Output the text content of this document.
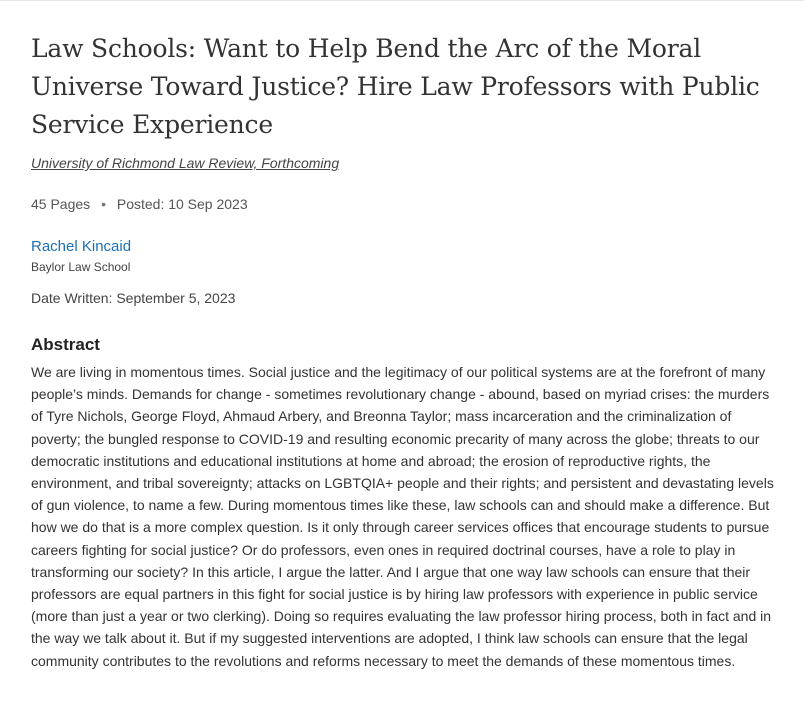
Law Schools: Want to Help Bend the Arc of the Moral Universe Toward Justice? Hire Law Professors with Public Service Experience
University of Richmond Law Review, Forthcoming
45 Pages • Posted: 10 Sep 2023
Rachel Kincaid
Baylor Law School
Date Written: September 5, 2023
Abstract
We are living in momentous times. Social justice and the legitimacy of our political systems are at the forefront of many people’s minds. Demands for change - sometimes revolutionary change - abound, based on myriad crises: the murders of Tyre Nichols, George Floyd, Ahmaud Arbery, and Breonna Taylor; mass incarceration and the criminalization of poverty; the bungled response to COVID-19 and resulting economic precarity of many across the globe; threats to our democratic institutions and educational institutions at home and abroad; the erosion of reproductive rights, the environment, and tribal sovereignty; attacks on LGBTQIA+ people and their rights; and persistent and devastating levels of gun violence, to name a few. During momentous times like these, law schools can and should make a difference. But how we do that is a more complex question. Is it only through career services offices that encourage students to pursue careers fighting for social justice? Or do professors, even ones in required doctrinal courses, have a role to play in transforming our society? In this article, I argue the latter. And I argue that one way law schools can ensure that their professors are equal partners in this fight for social justice is by hiring law professors with experience in public service (more than just a year or two clerking). Doing so requires evaluating the law professor hiring process, both in fact and in the way we talk about it. But if my suggested interventions are adopted, I think law schools can ensure that the legal community contributes to the revolutions and reforms necessary to meet the demands of these momentous times.
